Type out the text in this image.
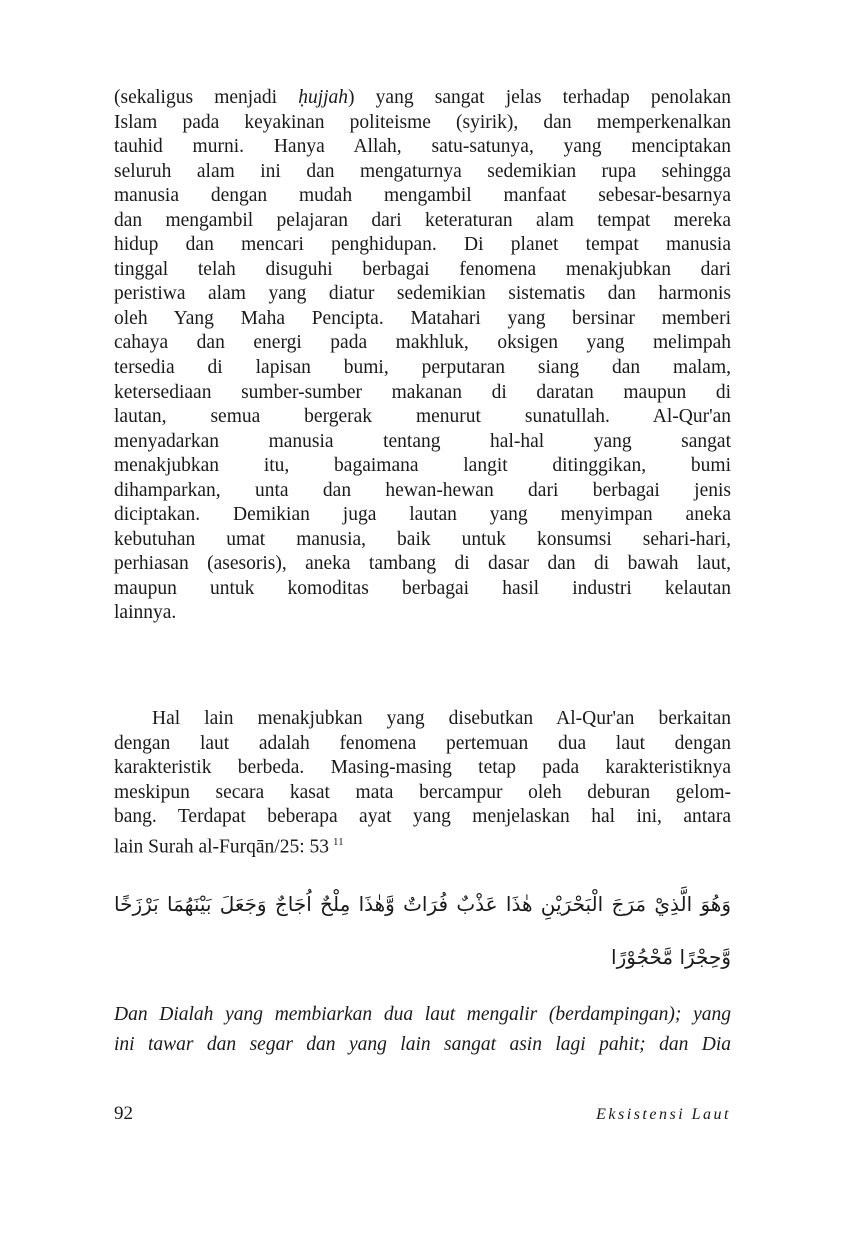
(sekaligus menjadi ḥujjah) yang sangat jelas terhadap penolakan
Islam pada keyakinan politeisme (syirik), dan memperkenalkan
tauhid murni. Hanya Allah, satu-satunya, yang menciptakan
seluruh alam ini dan mengaturnya sedemikian rupa sehingga
manusia dengan mudah mengambil manfaat sebesar-besarnya
dan mengambil pelajaran dari keteraturan alam tempat mereka
hidup dan mencari penghidupan. Di planet tempat manusia
tinggal telah disuguhi berbagai fenomena menakjubkan dari
peristiwa alam yang diatur sedemikian sistematis dan harmonis
oleh Yang Maha Pencipta. Matahari yang bersinar memberi
cahaya dan energi pada makhluk, oksigen yang melimpah
tersedia di lapisan bumi, perputaran siang dan malam,
ketersediaan sumber-sumber makanan di daratan maupun di
lautan, semua bergerak menurut sunatullah. Al-Qur'an
menyadarkan manusia tentang hal-hal yang sangat
menakjubkan itu, bagaimana langit ditinggikan, bumi
dihamparkan, unta dan hewan-hewan dari berbagai jenis
diciptakan. Demikian juga lautan yang menyimpan aneka
kebutuhan umat manusia, baik untuk konsumsi sehari-hari,
perhiasan (asesoris), aneka tambang di dasar dan di bawah laut,
maupun untuk komoditas berbagai hasil industri kelautan
lainnya.
Hal lain menakjubkan yang disebutkan Al-Qur'an berkaitan
dengan laut adalah fenomena pertemuan dua laut dengan
karakteristik berbeda. Masing-masing tetap pada karakteristiknya
meskipun secara kasat mata bercampur oleh deburan gelom-
bang. Terdapat beberapa ayat yang menjelaskan hal ini, antara
lain Surah al-Furqān/25: 53 $^{11}$
وَهُوَ الَّذِيْ مَرَجَ الْبَحْرَيْنِ هٰذَا عَذْبٌ فُرَاتٌ وَّهٰذَا مِلْحٌ اُجَاجٌ وَجَعَلَ بَيْنَهُمَا بَرْزَخًا
وَّحِجْرًا مَّحْجُوْرًا
Dan Dialah yang membiarkan dua laut mengalir (berdampingan); yang
ini tawar dan segar dan yang lain sangat asin lagi pahit; dan Dia
92	Eksistensi Laut
